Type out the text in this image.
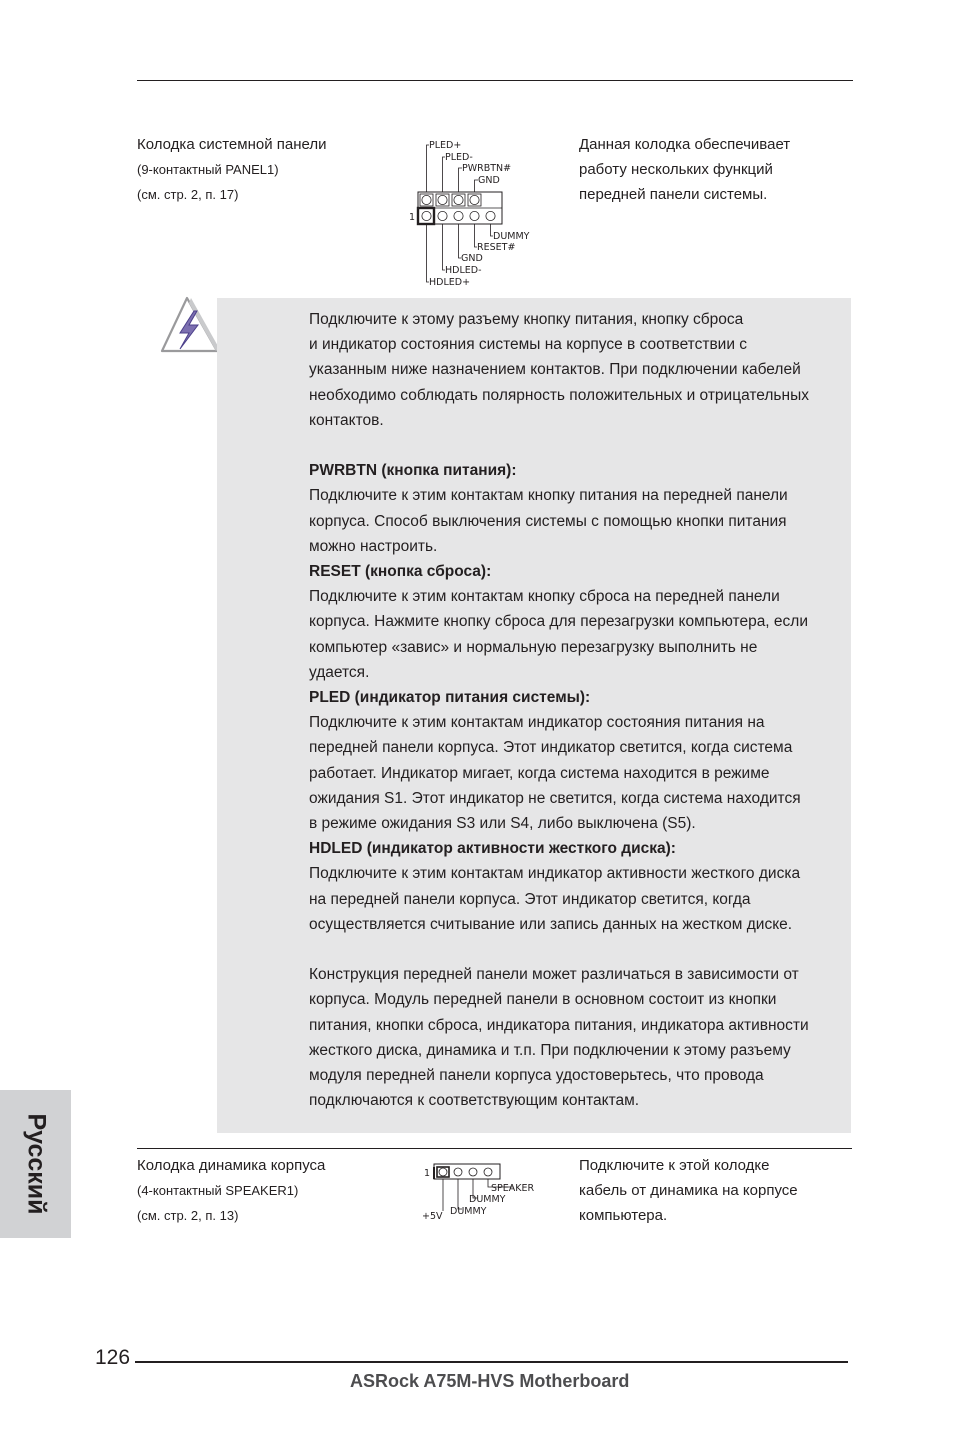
Колодка системной панели
(9-контактный PANEL1)
(см. стр. 2, п. 17)
Данная колодка обеспечивает
работу нескольких функций
передней панели системы.
PLED+
PLED-
PWRBTN#
GND
1
DUMMY
RESET#
GND
HDLED-
HDLED+

Подключите к этому разъему кнопку питания, кнопку сброса
и индикатор состояния системы на корпусе в соответствии с
указанным ниже назначением контактов. При подключении кабелей
необходимо соблюдать полярность положительных и отрицательных
контактов.

PWRBTN (кнопка питания):

Подключите к этим контактам кнопку питания на передней панели
корпуса. Способ выключения системы с помощью кнопки питания
можно настроить.

RESET (кнопка сброса):

Подключите к этим контактам кнопку сброса на передней панели
корпуса. Нажмите кнопку сброса для перезагрузки компьютера, если
компьютер «завис» и нормальную перезагрузку выполнить не
удается.

PLED (индикатор питания системы):

Подключите к этим контактам индикатор состояния питания на
передней панели корпуса. Этот индикатор светится, когда система
работает. Индикатор мигает, когда система находится в режиме
ожидания S1. Этот индикатор не светится, когда система находится
в режиме ожидания S3 или S4, либо выключена (S5).

HDLED (индикатор активности жесткого диска):

Подключите к этим контактам индикатор активности жесткого диска
на передней панели корпуса. Этот индикатор светится, когда
осуществляется считывание или запись данных на жестком диске.

Конструкция передней панели может различаться в зависимости от
корпуса. Модуль передней панели в основном состоит из кнопки
питания, кнопки сброса, индикатора питания, индикатора активности
жесткого диска, динамика и т.п. При подключении к этому разъему
модуля передней панели корпуса удостоверьтесь, что провода
подключаются к соответствующим контактам.

Колодка динамика корпуса
(4-контактный SPEAKER1)
(см. стр. 2, п. 13)
Подключите к этой колодке
кабель от динамика на корпусе
компьютера.
1
SPEAKER
DUMMY
+5V DUMMY
Русский
126
ASRock A75M-HVS Motherboard
